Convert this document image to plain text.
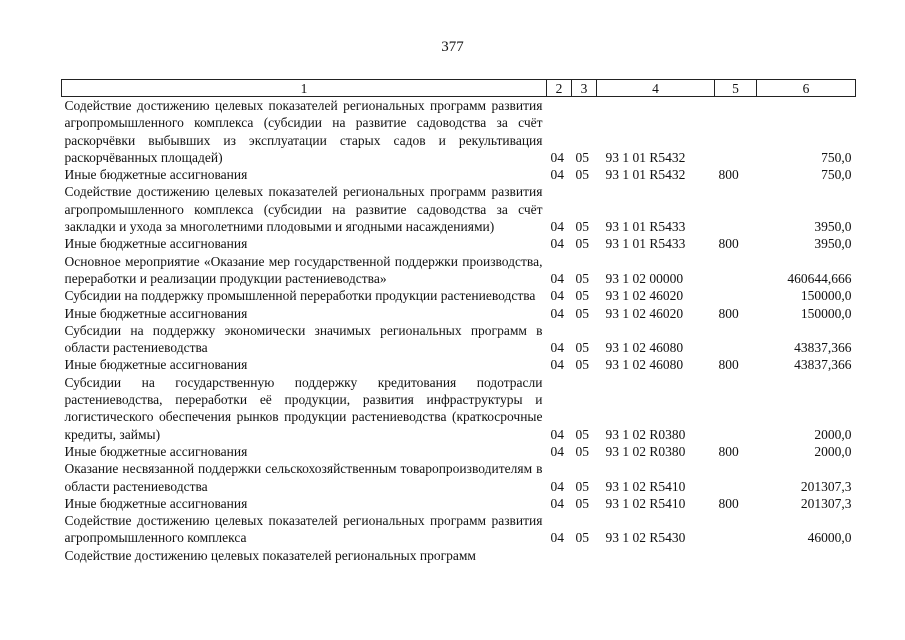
377
1	2	3	4	5	6
Содействие достижению целевых показателей региональных программ развития агропромышленного комплекса (субсидии на развитие садоводства за счёт раскорчёвки выбывших из эксплуатации старых садов и рекультивация раскорчёванных площадей)	04	05	93 1 01 R5432		750,0
Иные бюджетные ассигнования	04	05	93 1 01 R5432	800	750,0
Содействие достижению целевых показателей региональных программ развития агропромышленного комплекса (субсидии на развитие садоводства за счёт закладки и ухода за многолетними плодовыми и ягодными насаждениями)	04	05	93 1 01 R5433		3950,0
Иные бюджетные ассигнования	04	05	93 1 01 R5433	800	3950,0
Основное мероприятие «Оказание мер государственной поддержки производства, переработки и реализации продукции растениеводства»	04	05	93 1 02 00000		460644,666
Субсидии на поддержку промышленной переработки продукции растениеводства	04	05	93 1 02 46020		150000,0
Иные бюджетные ассигнования	04	05	93 1 02 46020	800	150000,0
Субсидии на поддержку экономически значимых региональных программ в области растениеводства	04	05	93 1 02 46080		43837,366
Иные бюджетные ассигнования	04	05	93 1 02 46080	800	43837,366
Субсидии на государственную поддержку кредитования подотрасли растениеводства, переработки её продукции, развития инфраструктуры и логистического обеспечения рынков продукции растениеводства (краткосрочные кредиты, займы)	04	05	93 1 02 R0380		2000,0
Иные бюджетные ассигнования	04	05	93 1 02 R0380	800	2000,0
Оказание несвязанной поддержки сельскохозяйственным товаропроизводителям в области растениеводства	04	05	93 1 02 R5410		201307,3
Иные бюджетные ассигнования	04	05	93 1 02 R5410	800	201307,3
Содействие достижению целевых показателей региональных программ развития агропромышленного комплекса	04	05	93 1 02 R5430		46000,0
Содействие достижению целевых показателей региональных программ					
